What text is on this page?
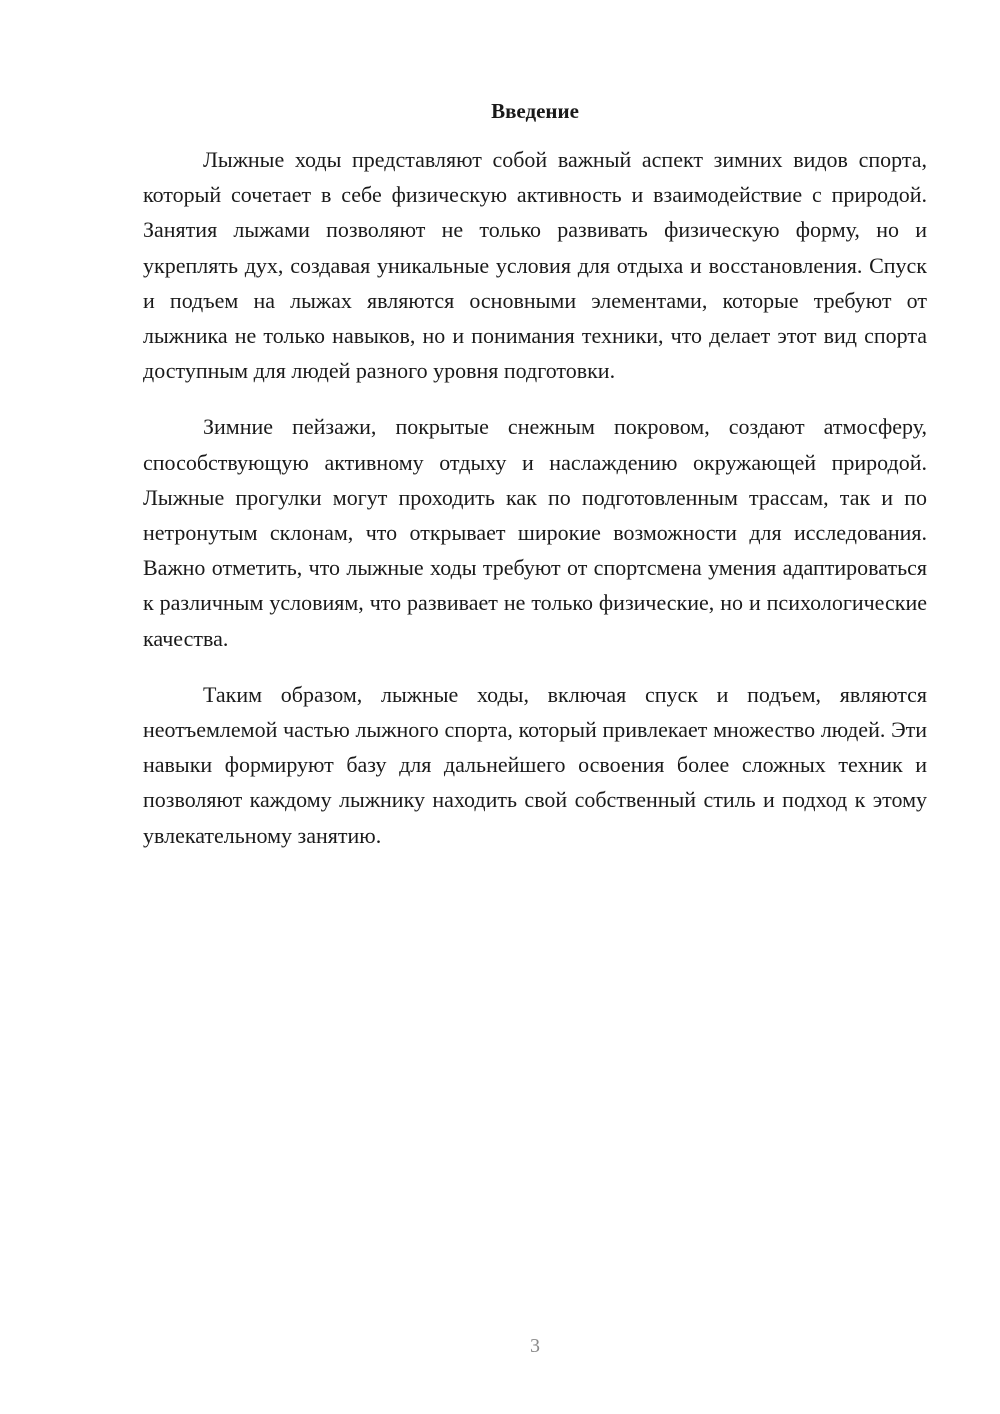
Введение

Лыжные ходы представляют собой важный аспект зимних видов спорта, который сочетает в себе физическую активность и взаимодействие с природой. Занятия лыжами позволяют не только развивать физическую форму, но и укреплять дух, создавая уникальные условия для отдыха и восстановления. Спуск и подъем на лыжах являются основными элементами, которые требуют от лыжника не только навыков, но и понимания техники, что делает этот вид спорта доступным для людей разного уровня подготовки.

Зимние пейзажи, покрытые снежным покровом, создают атмосферу, способствующую активному отдыху и наслаждению окружающей природой. Лыжные прогулки могут проходить как по подготовленным трассам, так и по нетронутым склонам, что открывает широкие возможности для исследования. Важно отметить, что лыжные ходы требуют от спортсмена умения адаптироваться к различным условиям, что развивает не только физические, но и психологические качества.

Таким образом, лыжные ходы, включая спуск и подъем, являются неотъемлемой частью лыжного спорта, который привлекает множество людей. Эти навыки формируют базу для дальнейшего освоения более сложных техник и позволяют каждому лыжнику находить свой собственный стиль и подход к этому увлекательному занятию.

3
